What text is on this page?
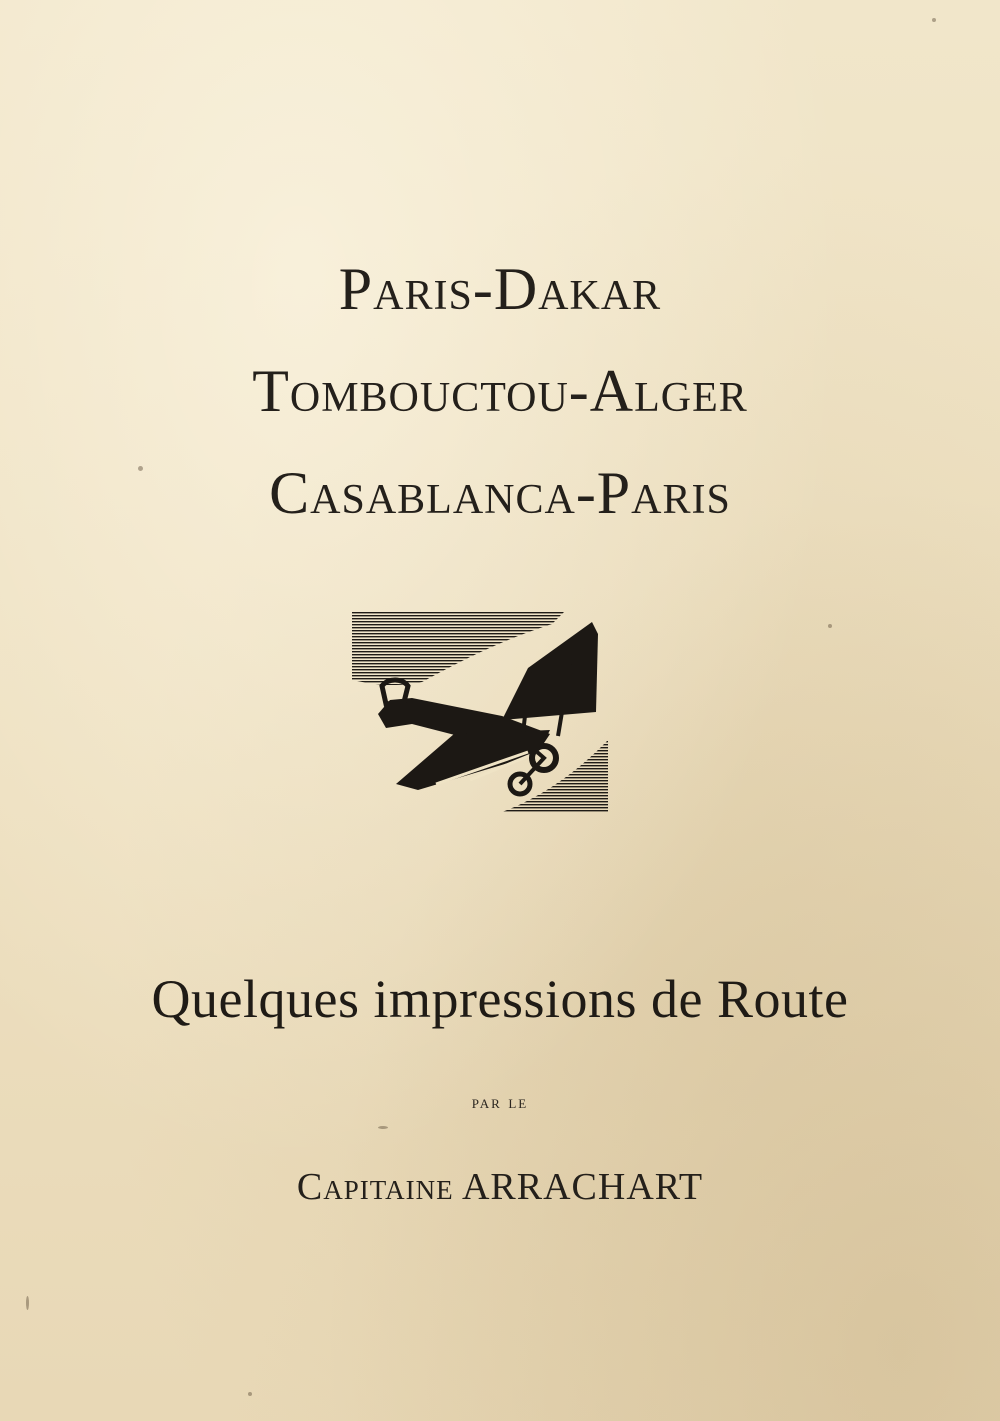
Paris-Dakar
Tombouctou-Alger
Casablanca-Paris
Quelques impressions de Route
par le
Capitaine ARRACHART
